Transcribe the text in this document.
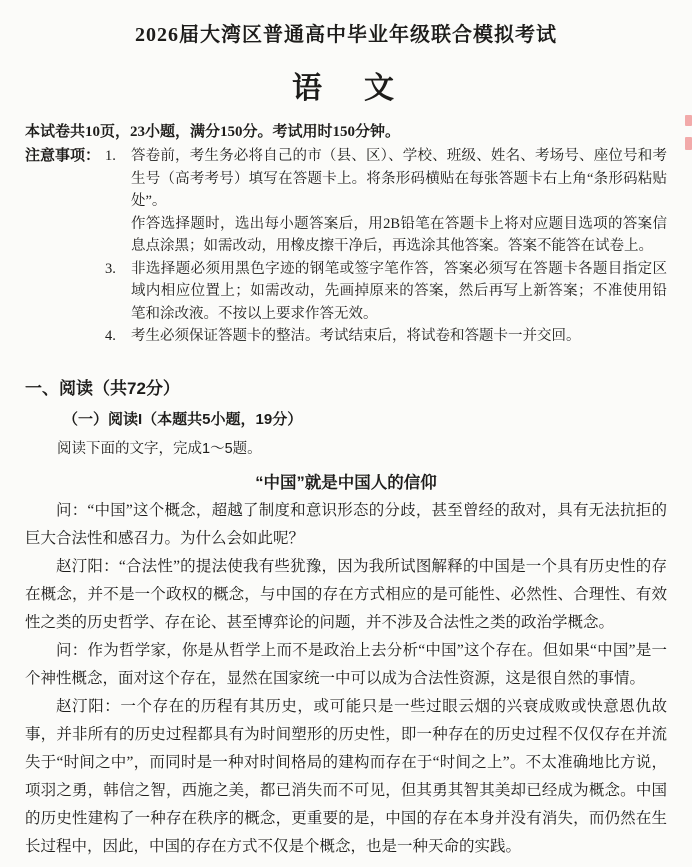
2026届大湾区普通高中毕业年级联合模拟考试
语　文
本试卷共10页，23小题，满分150分。考试用时150分钟。
注意事项： 1.	答卷前，考生务必将自己的市（县、区）、学校、班级、姓名、考场号、座位号和考生号（高考考号）填写在答题卡上。将条形码横贴在每张答题卡右上角“条形码粘贴处”。
作答选择题时，选出每小题答案后，用2B铅笔在答题卡上将对应题目选项的答案信息点涂黑；如需改动，用橡皮擦干净后，再选涂其他答案。答案不能答在试卷上。
3.	非选择题必须用黑色字迹的钢笔或签字笔作答，答案必须写在答题卡各题目指定区域内相应位置上；如需改动，先画掉原来的答案，然后再写上新答案；不准使用铅笔和涂改液。不按以上要求作答无效。
4.	考生必须保证答题卡的整洁。考试结束后，将试卷和答题卡一并交回。
一、阅读（共72分）
（一）阅读I（本题共5小题，19分）
阅读下面的文字，完成1～5题。
“中国”就是中国人的信仰

问：“中国”这个概念，超越了制度和意识形态的分歧，甚至曾经的敌对，具有无法抗拒的巨大合法性和感召力。为什么会如此呢？

赵汀阳：“合法性”的提法使我有些犹豫，因为我所试图解释的中国是一个具有历史性的存在概念，并不是一个政权的概念，与中国的存在方式相应的是可能性、必然性、合理性、有效性之类的历史哲学、存在论、甚至博弈论的问题，并不涉及合法性之类的政治学概念。

问：作为哲学家，你是从哲学上而不是政治上去分析“中国”这个存在。但如果“中国”是一个神性概念，面对这个存在，显然在国家统一中可以成为合法性资源，这是很自然的事情。

赵汀阳：一个存在的历程有其历史，或可能只是一些过眼云烟的兴衰成败或快意恩仇故事，并非所有的历史过程都具有为时间塑形的历史性，即一种存在的历史过程不仅仅存在并流失于“时间之中”，而同时是一种对时间格局的建构而存在于“时间之上”。不太准确地比方说，项羽之勇，韩信之智，西施之美，都已消失而不可见，但其勇其智其美却已经成为概念。中国的历史性建构了一种存在秩序的概念，更重要的是，中国的存在本身并没有消失，而仍然在生长过程中，因此，中国的存在方式不仅是个概念，也是一种天命的实践。
